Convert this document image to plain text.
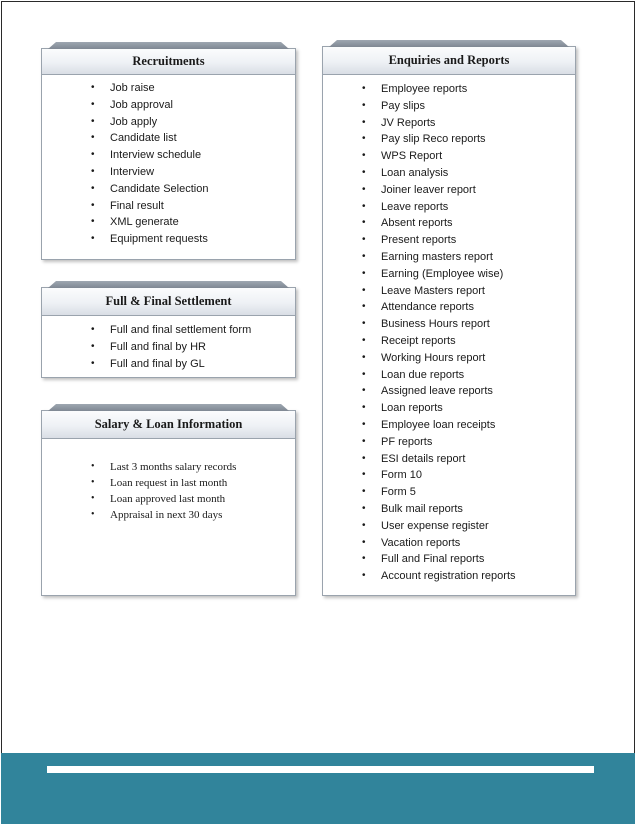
Recruitments
• Job raise
• Job approval
• Job apply
• Candidate list
• Interview schedule
• Interview
• Candidate Selection
• Final result
• XML generate
• Equipment requests
Full & Final Settlement
• Full and final settlement form
• Full and final by HR
• Full and final by GL
Salary & Loan Information
• Last 3 months salary records
• Loan request in last month
• Loan approved last month
• Appraisal in next 30 days
Enquiries and Reports
• Employee reports
• Pay slips
• JV Reports
• Pay slip Reco reports
• WPS Report
• Loan analysis
• Joiner leaver report
• Leave reports
• Absent reports
• Present reports
• Earning masters report
• Earning (Employee wise)
• Leave Masters report
• Attendance reports
• Business Hours report
• Receipt reports
• Working Hours report
• Loan due reports
• Assigned leave reports
• Loan reports
• Employee loan receipts
• PF reports
• ESI details report
• Form 10
• Form 5
• Bulk mail reports
• User expense register
• Vacation reports
• Full and Final reports
• Account registration reports
